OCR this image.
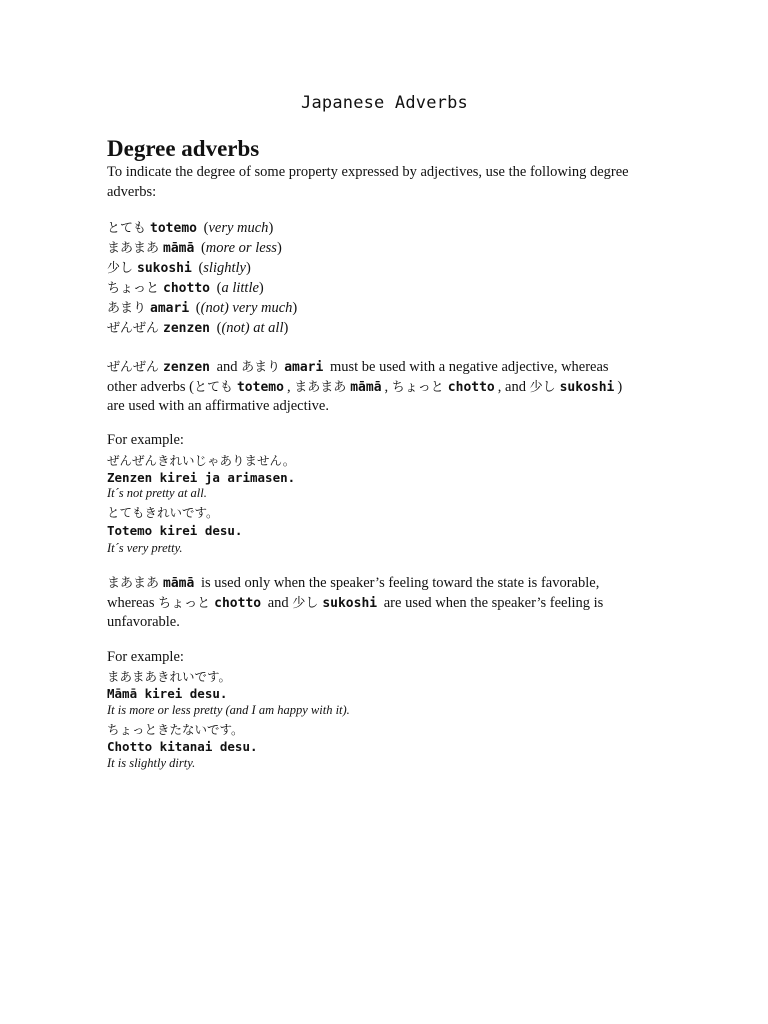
Japanese Adverbs
Degree adverbs
To indicate the degree of some property expressed by adjectives, use the following degree adverbs:
とても totemo (very much)
まあまあ māmā (more or less)
少し sukoshi (slightly)
ちょっと chotto (a little)
あまり amari ((not) very much)
ぜんぜん zenzen ((not) at all)
ぜんぜん zenzen and あまり amari must be used with a negative adjective, whereas
other adverbs (とても totemo , まあまあ māmā , ちょっと chotto , and 少し sukoshi )
are used with an affirmative adjective.
For example:
ぜんぜんきれいじゃありません。
Zenzen kirei ja arimasen.
It´s not pretty at all.
とてもきれいです。
Totemo kirei desu.
It´s very pretty.
まあまあ māmā is used only when the speaker’s feeling toward the state is favorable,
whereas ちょっと chotto and 少し sukoshi are used when the speaker’s feeling is
unfavorable.
For example:
まあまあきれいです。
Māmā kirei desu.
It is more or less pretty (and I am happy with it).
ちょっときたないです。
Chotto kitanai desu.
It is slightly dirty.
